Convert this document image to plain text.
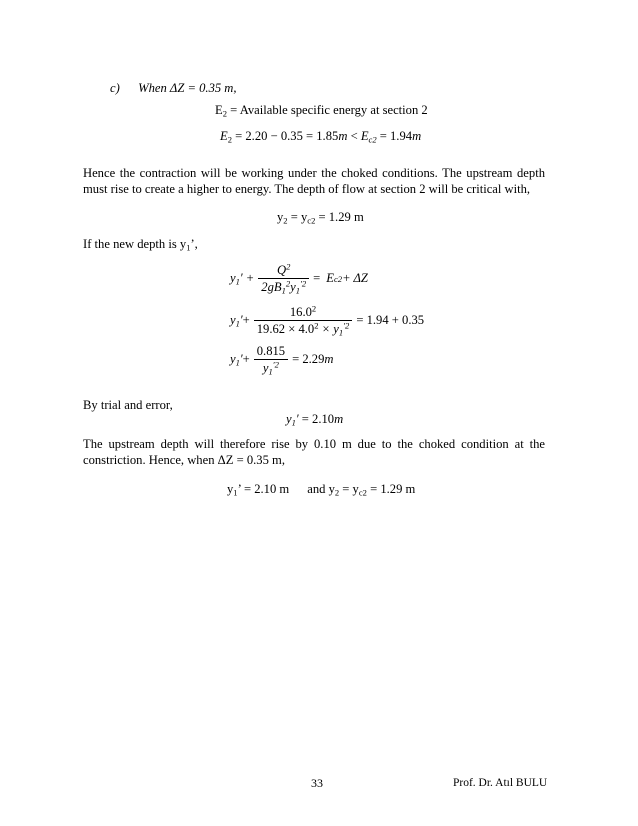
c) When ΔZ = 0.35 m,
$E_2$ = Available specific energy at section 2
$E_2 = 2.20 - 0.35 = 1.85m < E_{c2} = 1.94m$
Hence the contraction will be working under the choked conditions. The upstream depth must rise to create a higher to energy. The depth of flow at section 2 will be critical with,
$y_2 = y_{c2} = 1.29$ m
If the new depth is $y_1$’,
$y_1' + \frac{Q^2}{2gB_1^2y_1^{'2}} = E$ c2 + ΔZ
$y_1' + \frac{16.0^2}{19.62 \times 4.0^2 \times y_1^{'2}} = 1.94 + 0.35$
$y_1' + \frac{0.815}{y_1^{'2}} = 2.29$ m
By trial and error,
$y_1' = 2.10m$
The upstream depth will therefore rise by 0.10 m due to the choked condition at the constriction. Hence, when ΔZ = 0.35 m,
$y_1$’ = 2.10 m and $y_2 = y_{c2} = 1.29$ m
33	Prof. Dr. Atıl BULU
